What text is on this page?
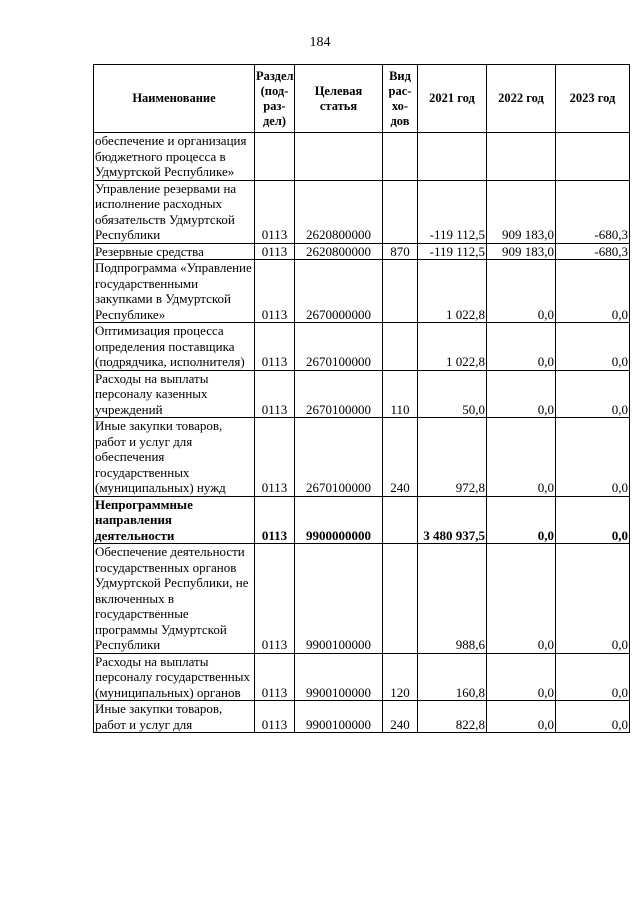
184
Наименование	Раздел (под-раз-дел)	Целевая статья	Вид рас-хо-дов	2021 год	2022 год	2023 год
обеспечение и организация бюджетного процесса в Удмуртской Республике»						
Управление резервами на исполнение расходных обязательств Удмуртской Республики	0113	2620800000		-119 112,5	909 183,0	-680,3
Резервные средства	0113	2620800000	870	-119 112,5	909 183,0	-680,3
Подпрограмма «Управление государственными закупками в Удмуртской Республике»	0113	2670000000		1 022,8	0,0	0,0
Оптимизация процесса определения поставщика (подрядчика, исполнителя)	0113	2670100000		1 022,8	0,0	0,0
Расходы на выплаты персоналу казенных учреждений	0113	2670100000	110	50,0	0,0	0,0
Иные закупки товаров, работ и услуг для обеспечения государственных (муниципальных) нужд	0113	2670100000	240	972,8	0,0	0,0
Непрограммные направления деятельности	0113	9900000000		3 480 937,5	0,0	0,0
Обеспечение деятельности государственных органов Удмуртской Республики, не включенных в государственные программы Удмуртской Республики	0113	9900100000		988,6	0,0	0,0
Расходы на выплаты персоналу государственных (муниципальных) органов	0113	9900100000	120	160,8	0,0	0,0
Иные закупки товаров, работ и услуг для	0113	9900100000	240	822,8	0,0	0,0
